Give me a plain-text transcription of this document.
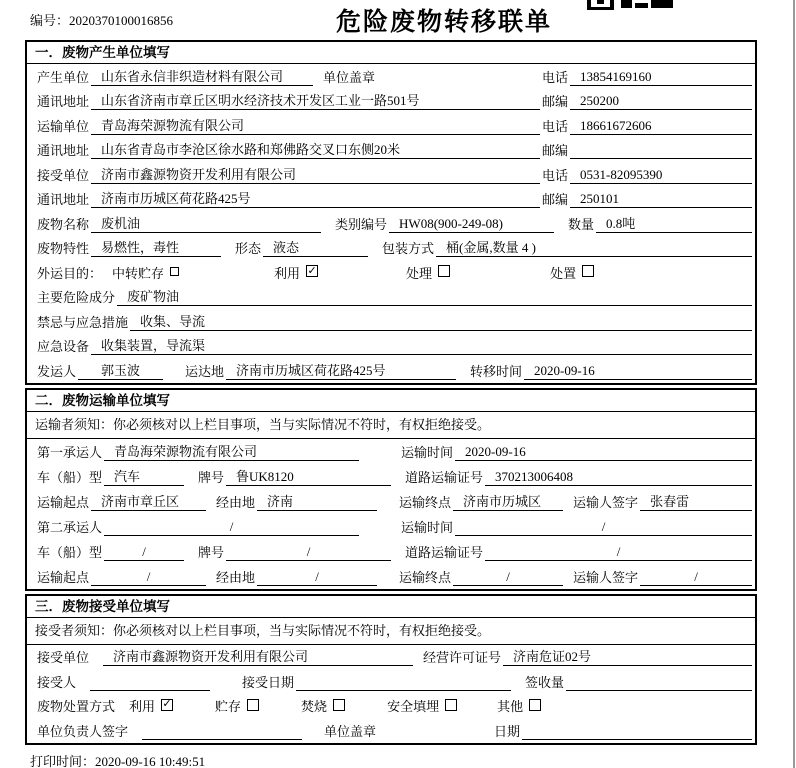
编号：2020370100016856	危险废物转移联单
一．废物产生单位填写
产生单位 山东省永信非织造材料有限公司	单位盖章	电话 13854169160
通讯地址 山东省济南市章丘区明水经济技术开发区工业一路501号	邮编 250200
运输单位 青岛海荣源物流有限公司	电话 18661672606
通讯地址 山东省青岛市李沧区徐水路和郑佛路交叉口东侧20米	邮编
接受单位 济南市鑫源物资开发利用有限公司	电话 0531-82095390
通讯地址 济南市历城区荷花路425号	邮编 250101
废物名称 废机油	类别编号 HW08(900-249-08)	数量 0.8吨
废物特性 易燃性，毒性	形态 液态	包装方式 桶(金属,数量 4 )
外运目的： 中转贮存	利用 ✓	处理	处置
主要危险成分 废矿物油
禁忌与应急措施 收集、导流
应急设备 收集装置，导流渠
发运人	郭玉波	运达地 济南市历城区荷花路425号	转移时间 2020-09-16
二．废物运输单位填写
运输者须知：你必须核对以上栏目事项，当与实际情况不符时，有权拒绝接受。
第一承运人 青岛海荣源物流有限公司	运输时间 2020-09-16
车（船）型 汽车	牌号 鲁UK8120	道路运输证号 370213006408
运输起点 济南市章丘区	经由地 济南	运输终点 济南市历城区	运输人签字 张春雷
第二承运人	/	运输时间	/
车（船）型	/	牌号	/	道路运输证号	/
运输起点	/	经由地	/	运输终点	/	运输人签字	/
三．废物接受单位填写
接受者须知：你必须核对以上栏目事项，当与实际情况不符时，有权拒绝接受。
接受单位	济南市鑫源物资开发利用有限公司	经营许可证号 济南危证02号
接受人	接受日期	签收量
废物处置方式 利用 ✓	贮存	焚烧	安全填埋	其他
单位负责人签字	单位盖章	日期
打印时间：2020-09-16 10:49:51
